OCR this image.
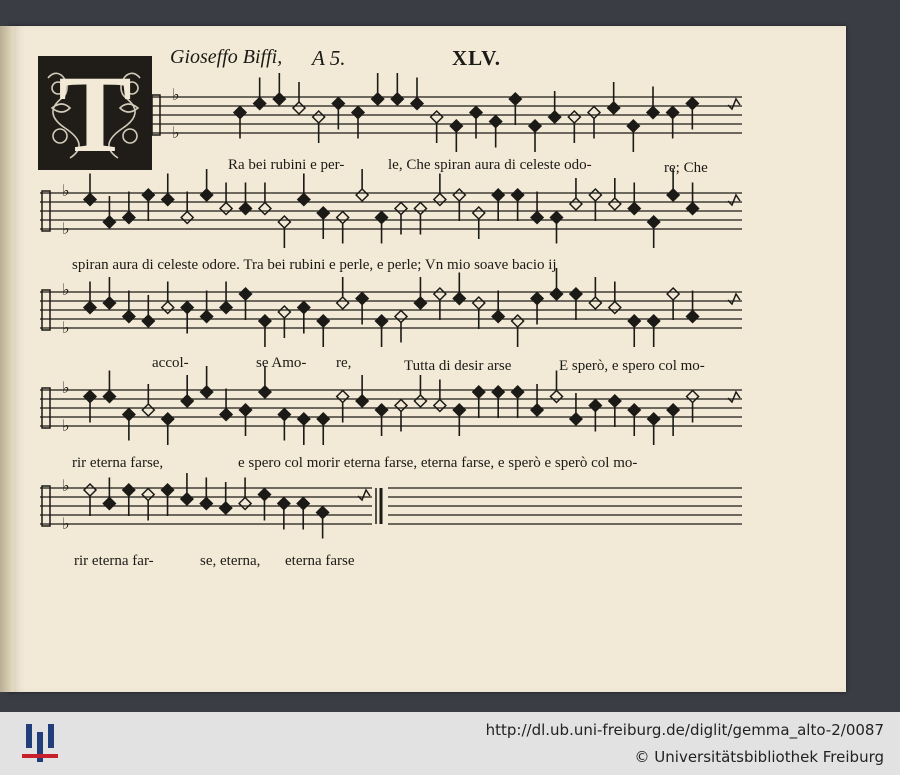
T	Gioseffo Biffi, A 5.	XLV.
♭
♭
♭
♭
♭
♭
♭
♭
♭
♭
Ra bei rubini e per-	le, Che spiran aura di celeste odo-	re; Che
spiran aura di celeste odore. Tra bei rubini e perle, e perle; Vn mio soave bacio ij
accol-	se Amo- re,	Tutta di desir arse	E sperò, e spero col mo-
rir eterna farse,	e spero col morir eterna farse, eterna farse, e sperò e sperò col mo-
rir eterna far-	se, eterna, eterna farse
http://dl.ub.uni-freiburg.de/diglit/gemma_alto-2/0087
© Universitätsbibliothek Freiburg
